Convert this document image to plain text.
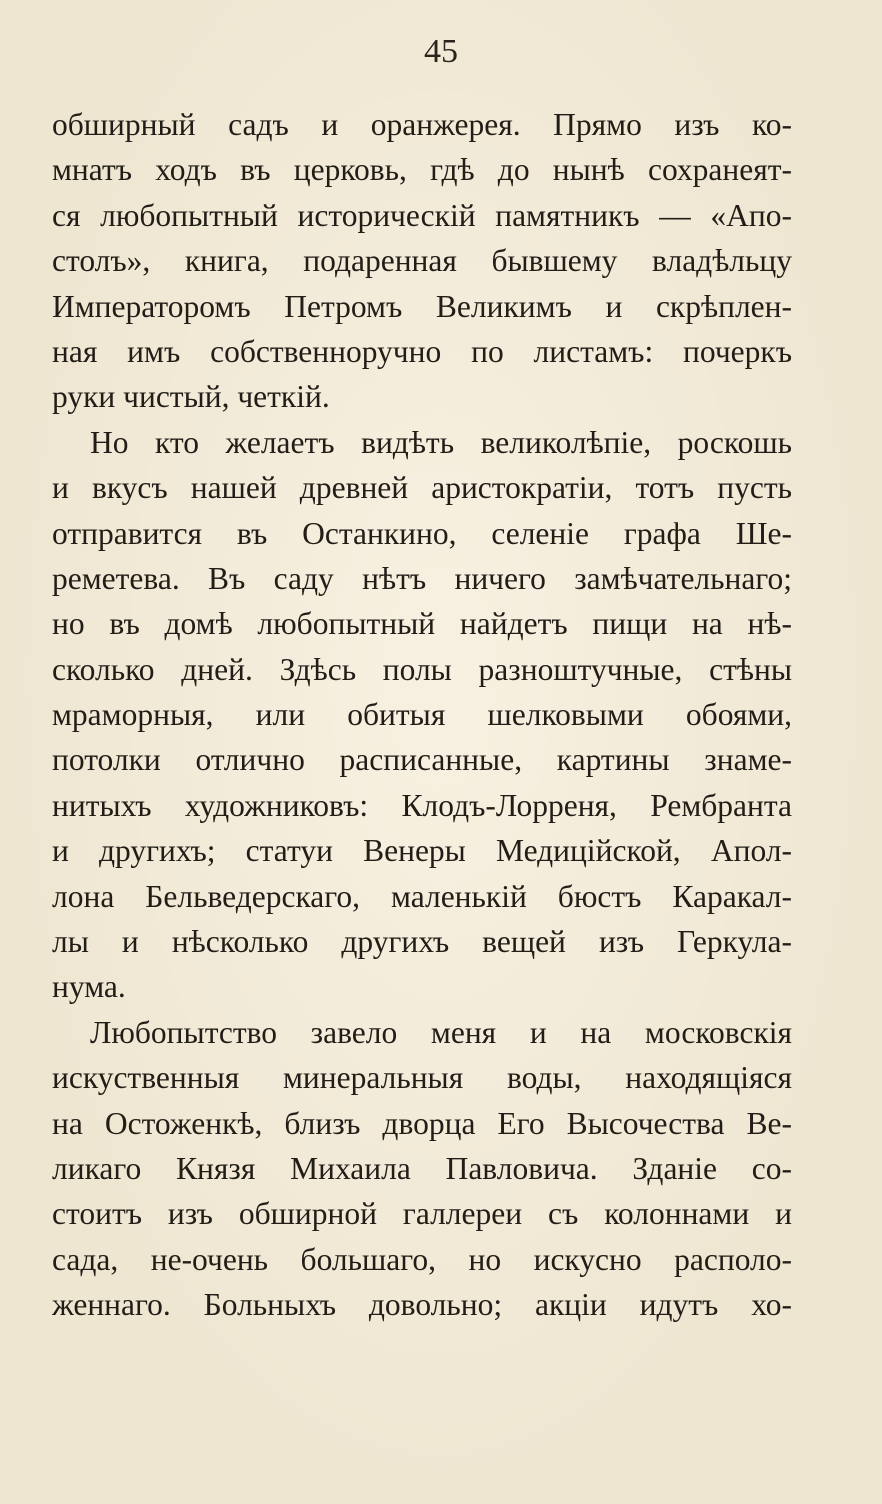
45
обширный садъ и оранжерея. Прямо изъ ко-
мнатъ ходъ въ церковь, гдѣ до нынѣ сохранеят-
ся любопытный историческій памятникъ — «Апо-
столъ», книга, подаренная бывшему владѣльцу
Императоромъ Петромъ Великимъ и скрѣплен-
ная имъ собственноручно по листамъ: почеркъ
руки чистый, четкій.
Но кто желаетъ видѣть великолѣпіе, роскошь
и вкусъ нашей древней аристократіи, тотъ пусть
отправится въ Останкино, селеніе графа Ше-
реметева. Въ саду нѣтъ ничего замѣчательнаго;
но въ домѣ любопытный найдетъ пищи на нѣ-
сколько дней. Здѣсь полы разноштучные, стѣны
мраморныя, или обитыя шелковыми обоями,
потолки отлично расписанные, картины знаме-
нитыхъ художниковъ: Клодъ-Лорреня, Рембранта
и другихъ; статуи Венеры Медиційской, Апол-
лона Бельведерскаго, маленькій бюстъ Каракал-
лы и нѣсколько другихъ вещей изъ Геркула-
нума.
Любопытство завело меня и на московскія
искуственныя минеральныя воды, находящіяся
на Остоженкѣ, близъ дворца Его Высочества Ве-
ликаго Князя Михаила Павловича. Зданіе со-
стоитъ изъ обширной галлереи съ колоннами и
сада, не-очень большаго, но искусно располо-
женнаго. Больныхъ довольно; акціи идутъ хо-
